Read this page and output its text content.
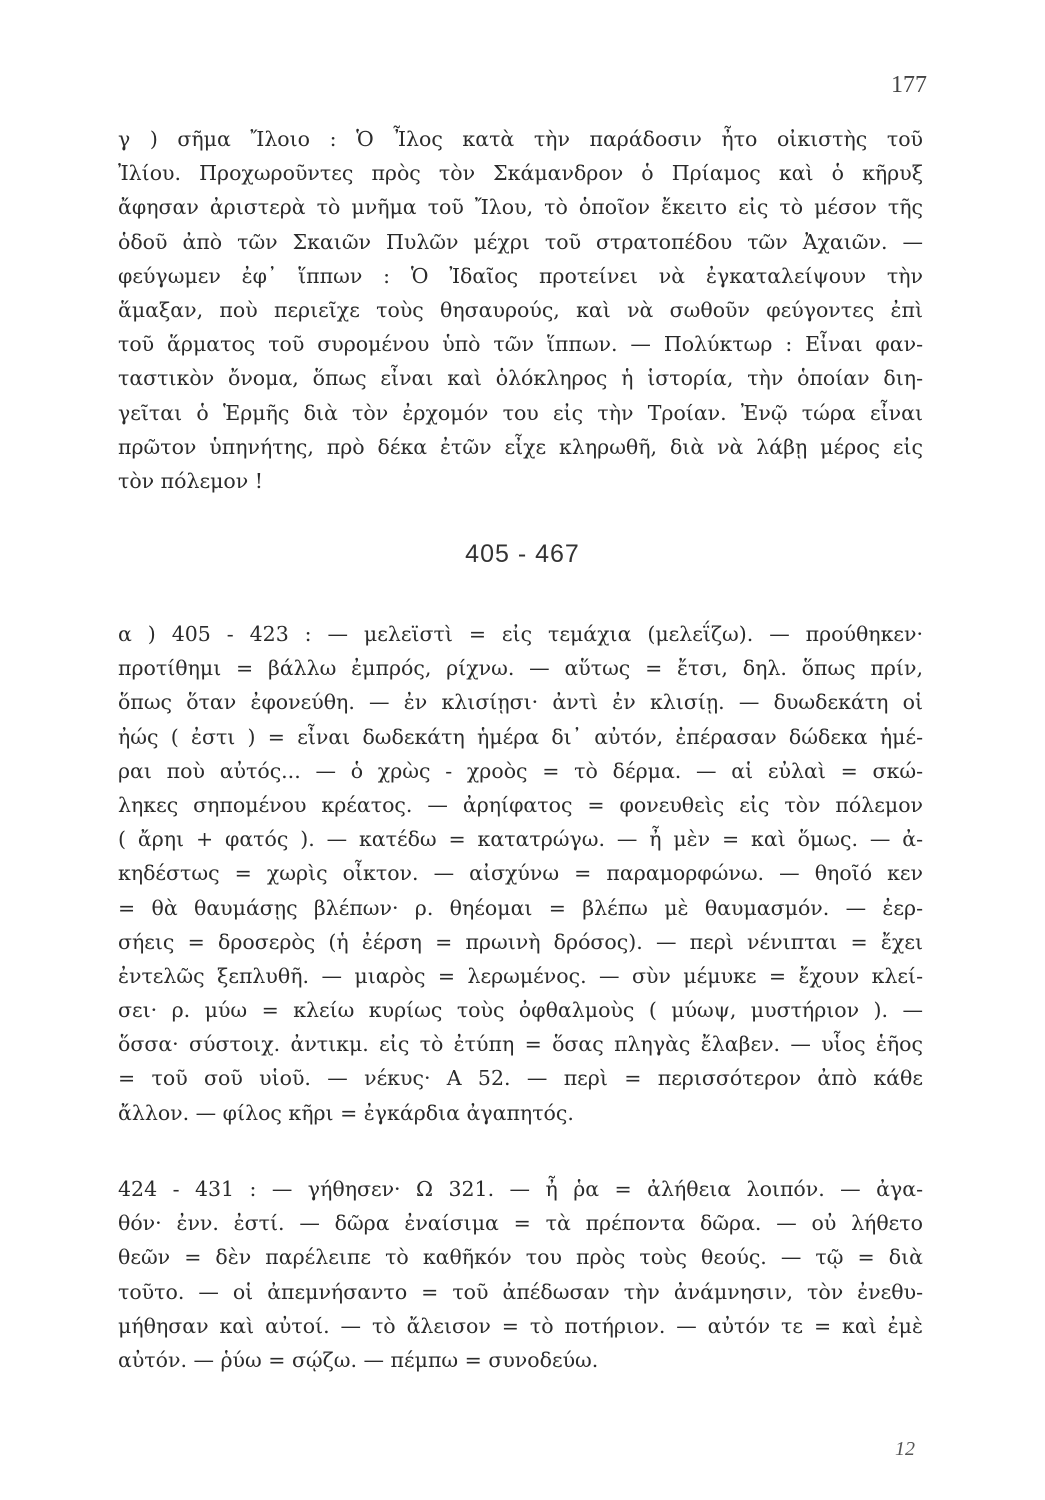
177
γ ) σῆμα Ἴλοιο : Ὁ Ἶλος κατὰ τὴν παράδοσιν ἦτο οἰκιστὴς τοῦ
Ἰλίου. Προχωροῦντες πρὸς τὸν Σκάμανδρον ὁ Πρίαμος καὶ ὁ κῆρυξ
ἄφησαν ἀριστερὰ τὸ μνῆμα τοῦ Ἴλου, τὸ ὁποῖον ἔκειτο εἰς τὸ μέσον τῆς
ὁδοῦ ἀπὸ τῶν Σκαιῶν Πυλῶν μέχρι τοῦ στρατοπέδου τῶν Ἀχαιῶν. —
φεύγωμεν ἐφ᾽ ἵππων : Ὁ Ἰδαῖος προτείνει νὰ ἐγκαταλείψουν τὴν
ἅμαξαν, ποὺ περιεῖχε τοὺς θησαυρούς, καὶ νὰ σωθοῦν φεύγοντες ἐπὶ
τοῦ ἅρματος τοῦ συρομένου ὑπὸ τῶν ἵππων. — Πολύκτωρ : Εἶναι φαν-
ταστικὸν ὄνομα, ὅπως εἶναι καὶ ὁλόκληρος ἡ ἱστορία, τὴν ὁποίαν διη-
γεῖται ὁ Ἑρμῆς διὰ τὸν ἐρχομόν του εἰς τὴν Τροίαν. Ἐνῷ τώρα εἶναι
πρῶτον ὑπηνήτης, πρὸ δέκα ἐτῶν εἶχε κληρωθῆ, διὰ νὰ λάβῃ μέρος εἰς
τὸν πόλεμον !
405 - 467
α ) 405 - 423 : — μελεϊστὶ = εἰς τεμάχια (μελεΐζω). — προύθηκεν·
προτίθημι = βάλλω ἐμπρός, ρίχνω. — αὕτως = ἔτσι, δηλ. ὅπως πρίν,
ὅπως ὅταν ἐφονεύθη. — ἐν κλισίῃσι· ἀντὶ ἐν κλισίῃ. — δυωδεκάτη οἱ
ἠώς ( ἐστι ) = εἶναι δωδεκάτη ἡμέρα δι᾽ αὐτόν, ἐπέρασαν δώδεκα ἡμέ-
ραι ποὺ αὐτός... — ὁ χρὼς - χροὸς = τὸ δέρμα. — αἱ εὐλαὶ = σκώ-
ληκες σηπομένου κρέατος. — ἀρηίφατος = φονευθεὶς εἰς τὸν πόλεμον
( ἄρηι + φατός ). — κατέδω = κατατρώγω. — ἦ μὲν = καὶ ὅμως. — ἀ-
κηδέστως = χωρὶς οἶκτον. — αἰσχύνω = παραμορφώνω. — θηοῖό κεν
= θὰ θαυμάσῃς βλέπων· ρ. θηέομαι = βλέπω μὲ θαυμασμόν. — ἐερ-
σήεις = δροσερὸς (ἡ ἐέρση = πρωινὴ δρόσος). — περὶ νένιπται = ἔχει
ἐντελῶς ξεπλυθῆ. — μιαρὸς = λερωμένος. — σὺν μέμυκε = ἔχουν κλεί-
σει· ρ. μύω = κλείω κυρίως τοὺς ὀφθαλμοὺς ( μύωψ, μυστήριον ). —
ὅσσα· σύστοιχ. ἀντικμ. εἰς τὸ ἐτύπη = ὅσας πληγὰς ἔλαβεν. — υἷος ἑῆος
= τοῦ σοῦ υἱοῦ. — νέκυς· Α 52. — περὶ = περισσότερον ἀπὸ κάθε
ἄλλον. — φίλος κῆρι = ἐγκάρδια ἀγαπητός.
424 - 431 : — γήθησεν· Ω 321. — ἦ ῥα = ἀλήθεια λοιπόν. — ἀγα-
θόν· ἐνν. ἐστί. — δῶρα ἐναίσιμα = τὰ πρέποντα δῶρα. — οὐ λήθετο
θεῶν = δὲν παρέλειπε τὸ καθῆκόν του πρὸς τοὺς θεούς. — τῷ = διὰ
τοῦτο. — οἱ ἀπεμνήσαντο = τοῦ ἀπέδωσαν τὴν ἀνάμνησιν, τὸν ἐνεθυ-
μήθησαν καὶ αὐτοί. — τὸ ἄλεισον = τὸ ποτήριον. — αὐτόν τε = καὶ ἐμὲ
αὐτόν. — ῥύω = σῴζω. — πέμπω = συνοδεύω.
12
